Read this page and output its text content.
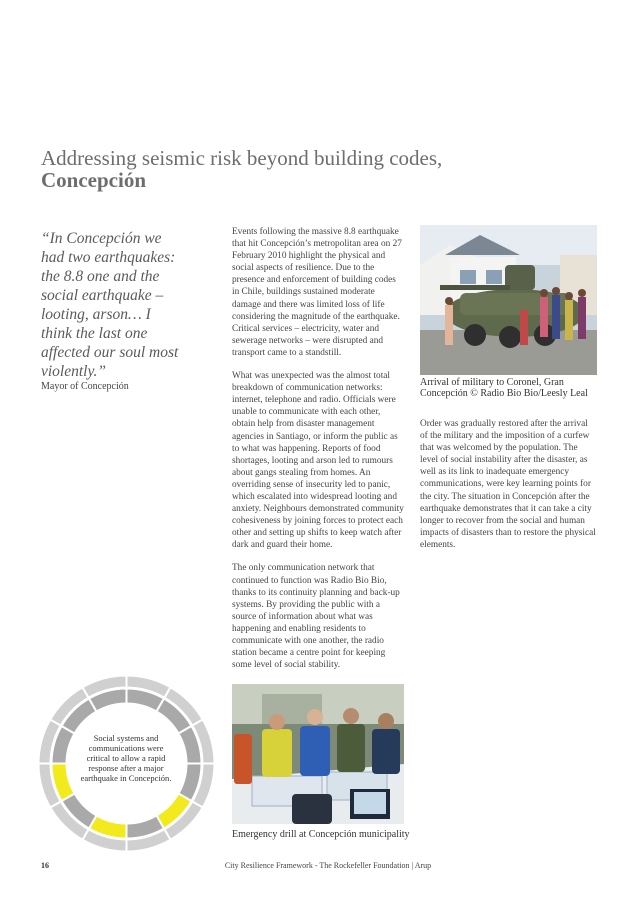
Addressing seismic risk beyond building codes,
Concepción
“In Concepción we had two earthquakes: the 8.8 one and the social earthquake – looting, arson… I think the last one affected our soul most violently.”
Mayor of Concepción

Events following the massive 8.8 earthquake that hit Concepción’s metropolitan area on 27 February 2010 highlight the physical and social aspects of resilience. Due to the presence and enforcement of building codes in Chile, buildings sustained moderate damage and there was limited loss of life considering the magnitude of the earthquake. Critical services – electricity, water and sewerage networks – were disrupted and transport came to a standstill.

What was unexpected was the almost total breakdown of communication networks: internet, telephone and radio. Officials were unable to communicate with each other, obtain help from disaster management agencies in Santiago, or inform the public as to what was happening. Reports of food shortages, looting and arson led to rumours about gangs stealing from homes. An overriding sense of insecurity led to panic, which escalated into widespread looting and anxiety. Neighbours demonstrated community cohesiveness by joining forces to protect each other and setting up shifts to keep watch after dark and guard their home.

The only communication network that continued to function was Radio Bio Bio, thanks to its continuity planning and back-up systems. By providing the public with a source of information about what was happening and enabling residents to communicate with one another, the radio station became a centre point for keeping some level of social stability.

Arrival of military to Coronel, Gran Concepción © Radio Bio Bio/Leesly Leal

Order was gradually restored after the arrival of the military and the imposition of a curfew that was welcomed by the population. The level of social instability after the disaster, as well as its link to inadequate emergency communications, were key learning points for the city. The situation in Concepción after the earthquake demonstrates that it can take a city longer to recover from the social and human impacts of disasters than to restore the physical elements.

Emergency drill at Concepción municipality
Social systems and communications were critical to allow a rapid response after a major earthquake in Concepción.
16	City Resilience Framework - The Rockefeller Foundation | Arup
